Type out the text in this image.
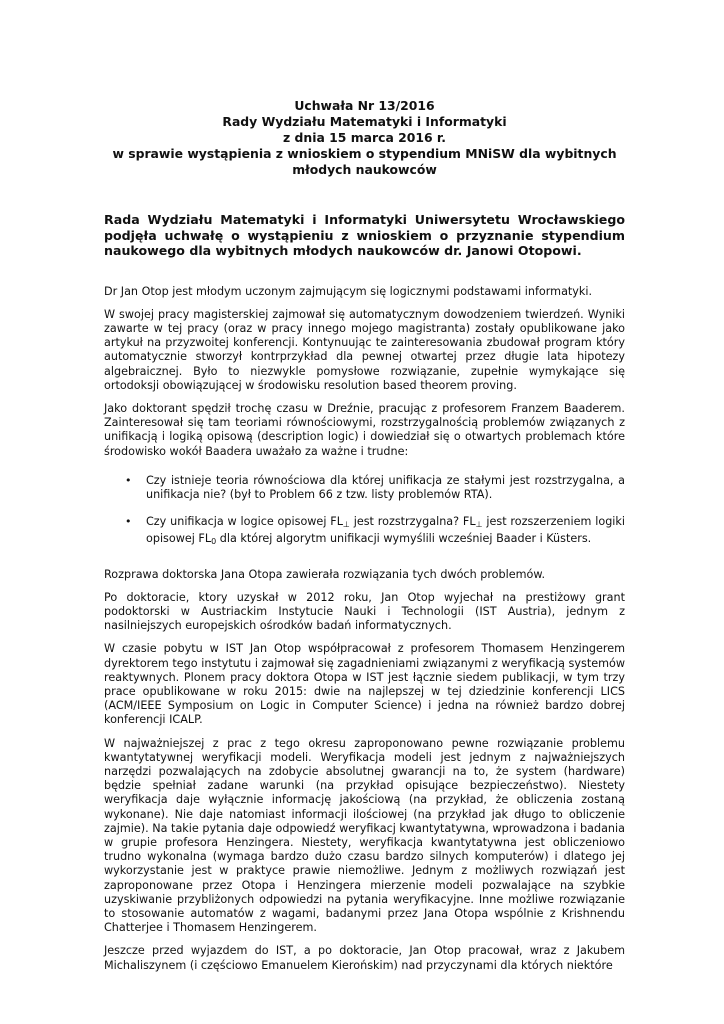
Uchwała Nr 13/2016
Rady Wydziału Matematyki i Informatyki
z dnia 15 marca 2016 r.
w sprawie wystąpienia z wnioskiem o stypendium MNiSW dla wybitnych
młodych naukowców
Rada Wydziału Matematyki i Informatyki Uniwersytetu Wrocławskiego podjęła uchwałę o wystąpieniu z wnioskiem o przyznanie stypendium naukowego dla wybitnych młodych naukowców dr. Janowi Otopowi.

Dr Jan Otop jest młodym uczonym zajmującym się logicznymi podstawami informatyki.

W swojej pracy magisterskiej zajmował się automatycznym dowodzeniem twierdzeń. Wyniki zawarte w tej pracy (oraz w pracy innego mojego magistranta) zostały opublikowane jako artykuł na przyzwoitej konferencji. Kontynuując te zainteresowania zbudował program który automatycznie stworzył kontrprzykład dla pewnej otwartej przez długie lata hipotezy algebraicznej. Było to niezwykle pomysłowe rozwiązanie, zupełnie wymykające się ortodoksji obowiązującej w środowisku resolution based theorem proving.

Jako doktorant spędził trochę czasu w Dreźnie, pracując z profesorem Franzem Baaderem. Zainteresował się tam teoriami równościowymi, rozstrzygalnością problemów związanych z unifikacją i logiką opisową (description logic) i dowiedział się o otwartych problemach które środowisko wokół Baadera uważało za ważne i trudne:

• Czy istnieje teoria równościowa dla której unifikacja ze stałymi jest rozstrzygalna, a unifikacja nie? (był to Problem 66 z tzw. listy problemów RTA).
• Czy unifikacja w logice opisowej $FL_\perp$ jest rozstrzygalna? $FL_\perp$ jest rozszerzeniem logiki opisowej $FL_0$ dla której algorytm unifikacji wymyślili wcześniej Baader i Küsters.

Rozprawa doktorska Jana Otopa zawierała rozwiązania tych dwóch problemów.

Po doktoracie, ktory uzyskał w 2012 roku, Jan Otop wyjechał na prestiżowy grant podoktorski w Austriackim Instytucie Nauki i Technologii (IST Austria), jednym z nasilniejszych europejskich ośrodków badań informatycznych.

W czasie pobytu w IST Jan Otop współpracował z profesorem Thomasem Henzingerem dyrektorem tego instytutu i zajmował się zagadnieniami związanymi z weryfikacją systemów reaktywnych. Plonem pracy doktora Otopa w IST jest łącznie siedem publikacji, w tym trzy prace opublikowane w roku 2015: dwie na najlepszej w tej dziedzinie konferencji LICS (ACM/IEEE Symposium on Logic in Computer Science) i jedna na również bardzo dobrej konferencji ICALP.

W najważniejszej z prac z tego okresu zaproponowano pewne rozwiązanie problemu kwantytatywnej weryfikacji modeli. Weryfikacja modeli jest jednym z najważniejszych narzędzi pozwalających na zdobycie absolutnej gwarancji na to, że system (hardware) będzie spełniał zadane warunki (na przykład opisujące bezpieczeństwo). Niestety weryfikacja daje wyłącznie informację jakościową (na przykład, że obliczenia zostaną wykonane). Nie daje natomiast informacji ilościowej (na przykład jak długo to obliczenie zajmie). Na takie pytania daje odpowiedź weryfikacj kwantytatywna, wprowadzona i badania w grupie profesora Henzingera. Niestety, weryfikacja kwantytatywna jest obliczeniowo trudno wykonalna (wymaga bardzo dużo czasu bardzo silnych komputerów) i dlatego jej wykorzystanie jest w praktyce prawie niemożliwe. Jednym z możliwych rozwiązań jest zaproponowane przez Otopa i Henzingera mierzenie modeli pozwalające na szybkie uzyskiwanie przybliżonych odpowiedzi na pytania weryfikacyjne. Inne możliwe rozwiązanie to stosowanie automatów z wagami, badanymi przez Jana Otopa wspólnie z Krishnendu Chatterjee i Thomasem Henzingerem.

Jeszcze przed wyjazdem do IST, a po doktoracie, Jan Otop pracował, wraz z Jakubem Michaliszynem (i częściowo Emanuelem Kierońskim) nad przyczynami dla których niektóre
